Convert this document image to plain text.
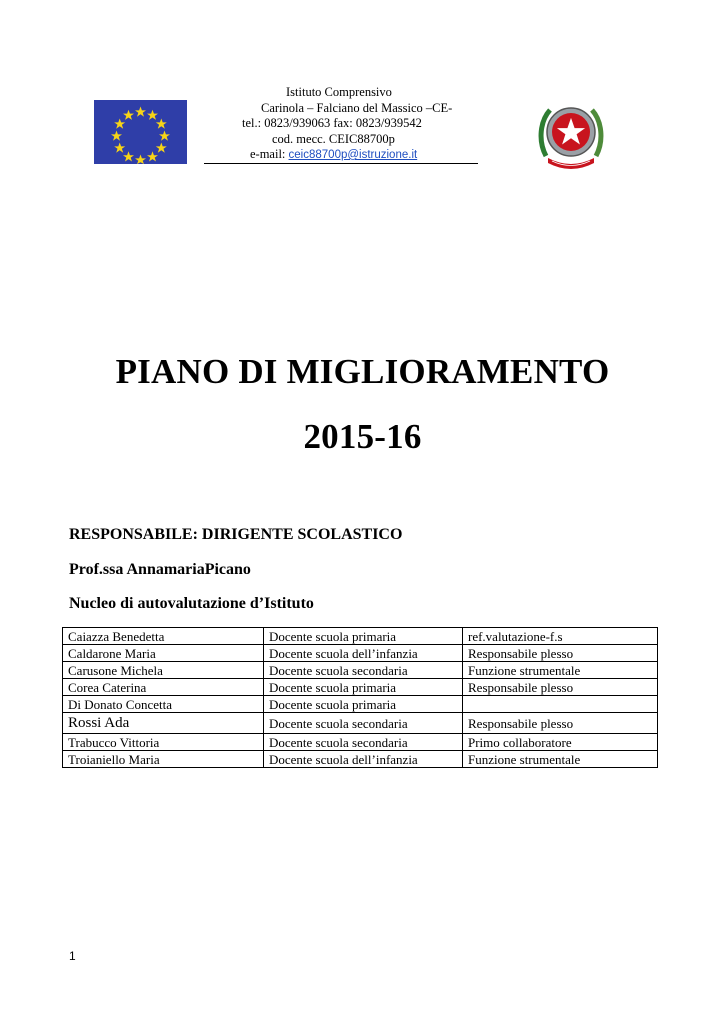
Istituto Comprensivo
Carinola – Falciano del Massico –CE-
tel.: 0823/939063 fax: 0823/939542
cod. mecc. CEIC88700p
e-mail: ceic88700p@istruzione.it
PIANO DI MIGLIORAMENTO
2015-16
RESPONSABILE: DIRIGENTE SCOLASTICO
Prof.ssa AnnamariaPicano
Nucleo di autovalutazione d’Istituto
Caiazza Benedetta	Docente scuola primaria	ref.valutazione-f.s
Caldarone Maria	Docente scuola dell’infanzia	Responsabile plesso
Carusone Michela	Docente scuola secondaria	Funzione strumentale
Corea Caterina	Docente scuola primaria	Responsabile plesso
Di Donato Concetta	Docente scuola primaria	
Rossi Ada	Docente scuola secondaria	Responsabile plesso
Trabucco Vittoria	Docente scuola secondaria	Primo collaboratore
Troianiello Maria	Docente scuola dell’infanzia	Funzione strumentale
1
